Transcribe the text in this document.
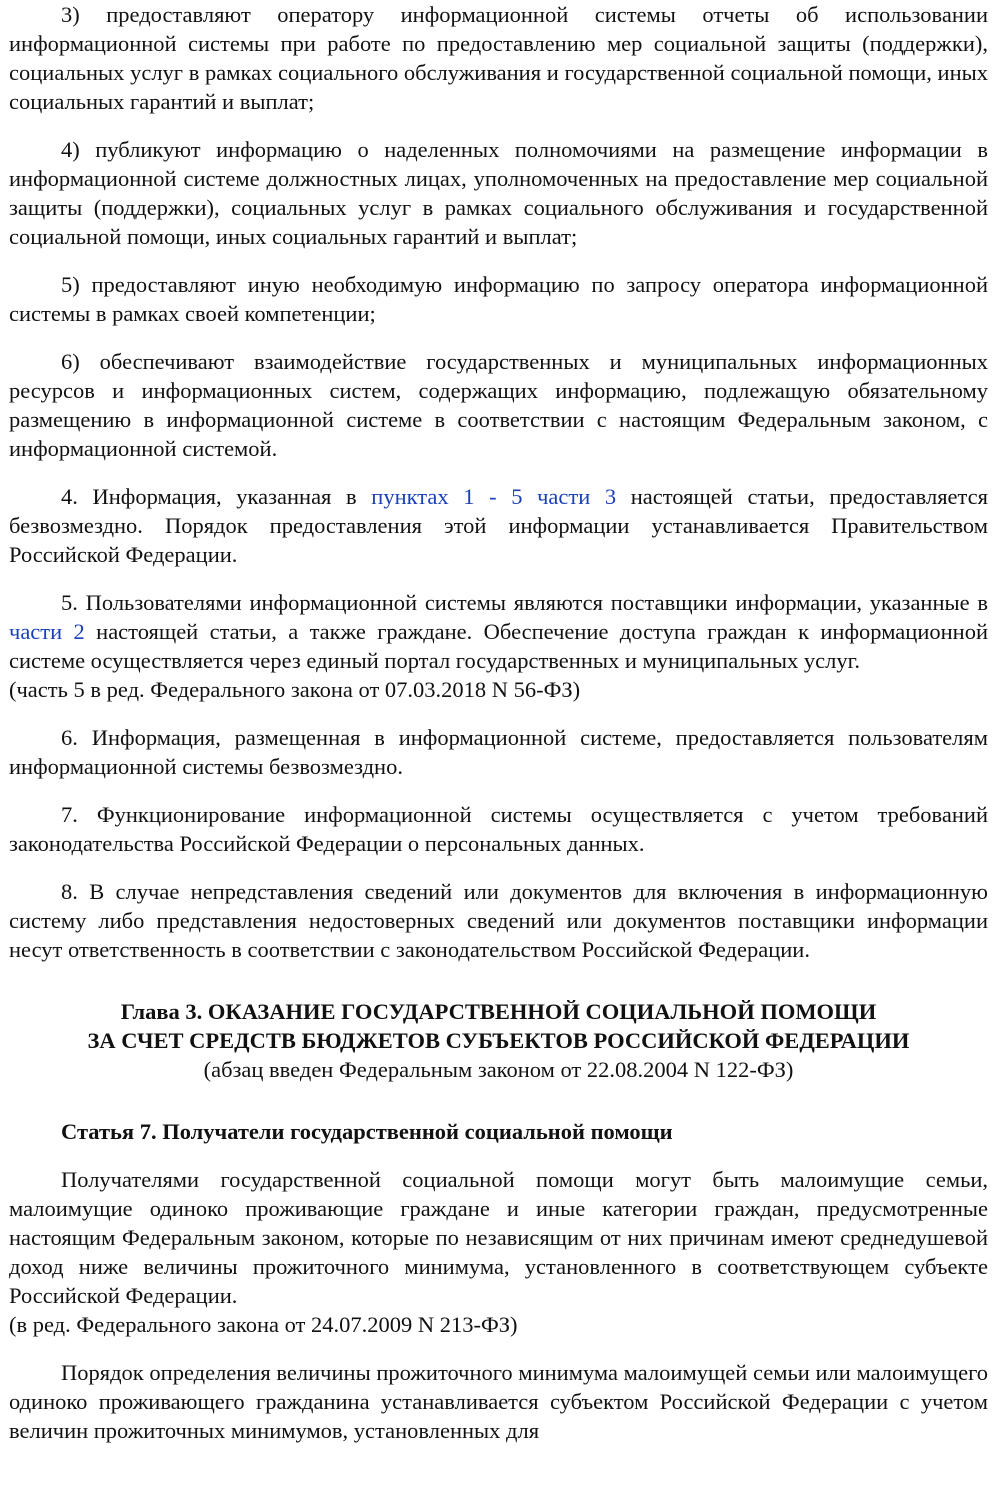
3) предоставляют оператору информационной системы отчеты об использовании информационной системы при работе по предоставлению мер социальной защиты (поддержки), социальных услуг в рамках социального обслуживания и государственной социальной помощи, иных социальных гарантий и выплат;

4) публикуют информацию о наделенных полномочиями на размещение информации в информационной системе должностных лицах, уполномоченных на предоставление мер социальной защиты (поддержки), социальных услуг в рамках социального обслуживания и государственной социальной помощи, иных социальных гарантий и выплат;

5) предоставляют иную необходимую информацию по запросу оператора информационной системы в рамках своей компетенции;

6) обеспечивают взаимодействие государственных и муниципальных информационных ресурсов и информационных систем, содержащих информацию, подлежащую обязательному размещению в информационной системе в соответствии с настоящим Федеральным законом, с информационной системой.

4. Информация, указанная в пунктах 1 - 5 части 3 настоящей статьи, предоставляется безвозмездно. Порядок предоставления этой информации устанавливается Правительством Российской Федерации.

5. Пользователями информационной системы являются поставщики информации, указанные в части 2 настоящей статьи, а также граждане. Обеспечение доступа граждан к информационной системе осуществляется через единый портал государственных и муниципальных услуг.

(часть 5 в ред. Федерального закона от 07.03.2018 N 56-ФЗ)

6. Информация, размещенная в информационной системе, предоставляется пользователям информационной системы безвозмездно.

7. Функционирование информационной системы осуществляется с учетом требований законодательства Российской Федерации о персональных данных.

8. В случае непредставления сведений или документов для включения в информационную систему либо представления недостоверных сведений или документов поставщики информации несут ответственность в соответствии с законодательством Российской Федерации.

Глава 3. ОКАЗАНИЕ ГОСУДАРСТВЕННОЙ СОЦИАЛЬНОЙ ПОМОЩИ

ЗА СЧЕТ СРЕДСТВ БЮДЖЕТОВ СУБЪЕКТОВ РОССИЙСКОЙ ФЕДЕРАЦИИ

(абзац введен Федеральным законом от 22.08.2004 N 122-ФЗ)

Статья 7. Получатели государственной социальной помощи

Получателями государственной социальной помощи могут быть малоимущие семьи, малоимущие одиноко проживающие граждане и иные категории граждан, предусмотренные настоящим Федеральным законом, которые по независящим от них причинам имеют среднедушевой доход ниже величины прожиточного минимума, установленного в соответствующем субъекте Российской Федерации.

(в ред. Федерального закона от 24.07.2009 N 213-ФЗ)

Порядок определения величины прожиточного минимума малоимущей семьи или малоимущего одиноко проживающего гражданина устанавливается субъектом Российской Федерации с учетом величин прожиточных минимумов, установленных для
